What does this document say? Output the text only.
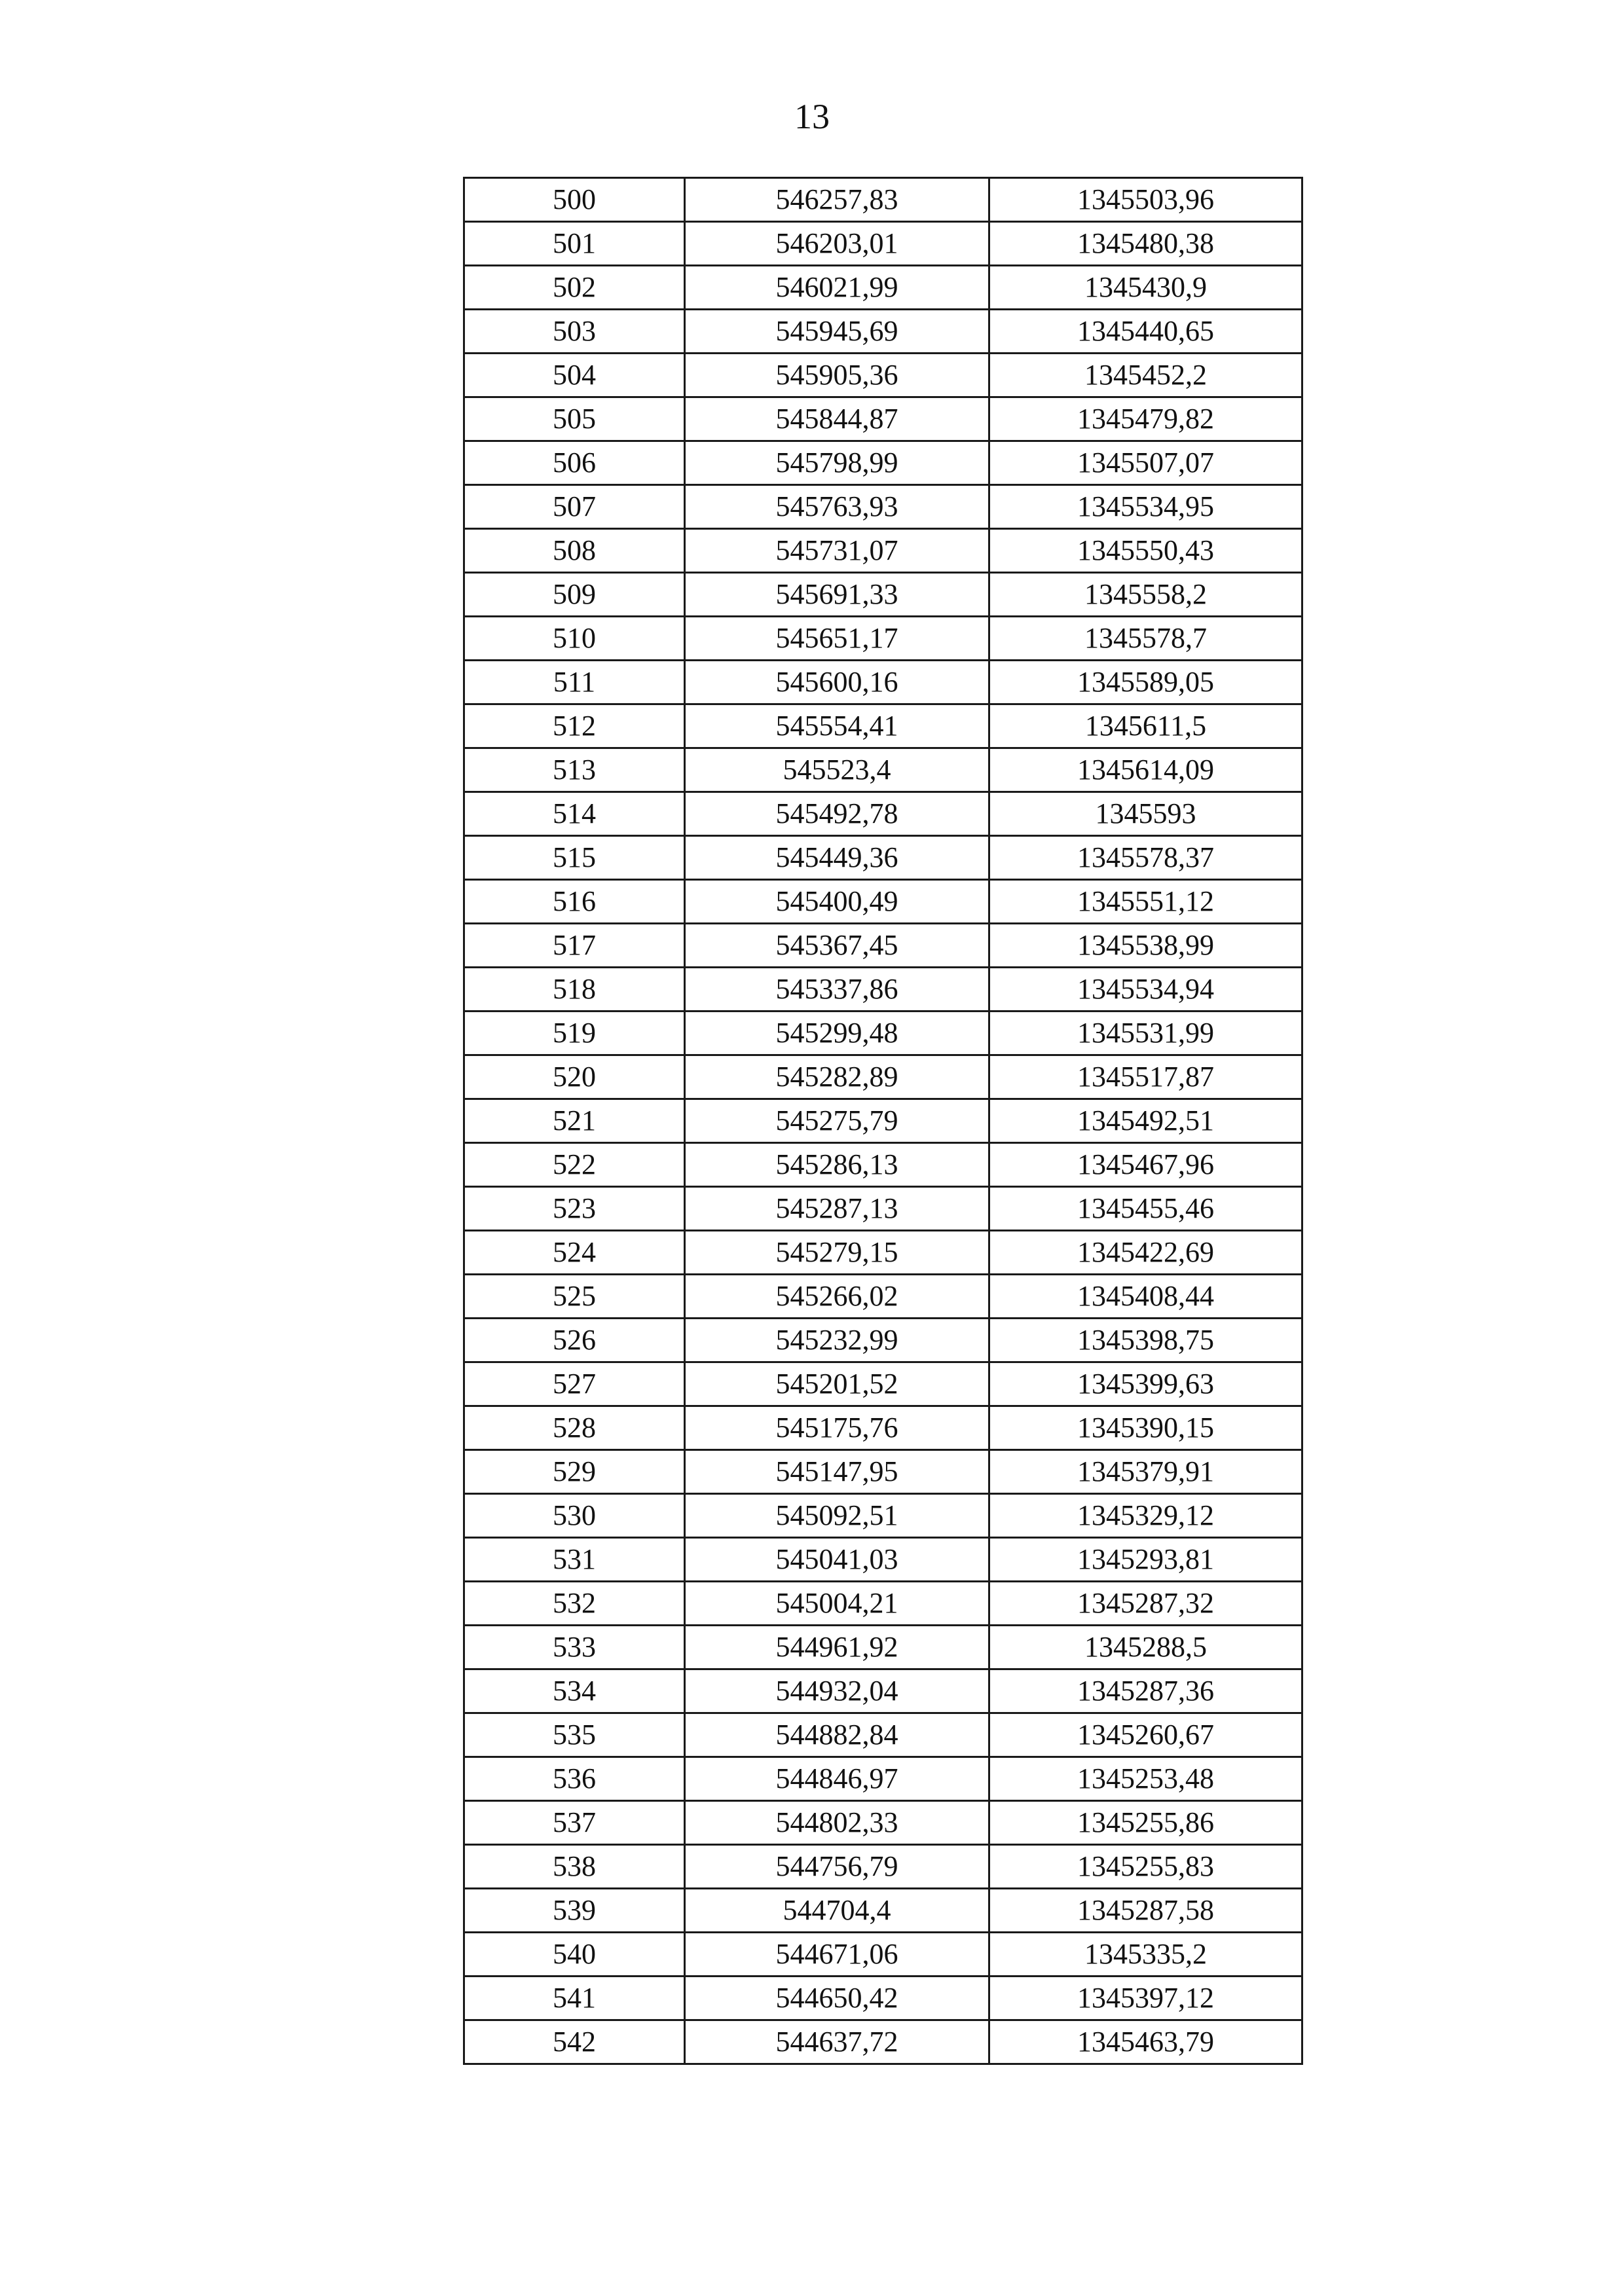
13
500	546257,83	1345503,96
501	546203,01	1345480,38
502	546021,99	1345430,9
503	545945,69	1345440,65
504	545905,36	1345452,2
505	545844,87	1345479,82
506	545798,99	1345507,07
507	545763,93	1345534,95
508	545731,07	1345550,43
509	545691,33	1345558,2
510	545651,17	1345578,7
511	545600,16	1345589,05
512	545554,41	1345611,5
513	545523,4	1345614,09
514	545492,78	1345593
515	545449,36	1345578,37
516	545400,49	1345551,12
517	545367,45	1345538,99
518	545337,86	1345534,94
519	545299,48	1345531,99
520	545282,89	1345517,87
521	545275,79	1345492,51
522	545286,13	1345467,96
523	545287,13	1345455,46
524	545279,15	1345422,69
525	545266,02	1345408,44
526	545232,99	1345398,75
527	545201,52	1345399,63
528	545175,76	1345390,15
529	545147,95	1345379,91
530	545092,51	1345329,12
531	545041,03	1345293,81
532	545004,21	1345287,32
533	544961,92	1345288,5
534	544932,04	1345287,36
535	544882,84	1345260,67
536	544846,97	1345253,48
537	544802,33	1345255,86
538	544756,79	1345255,83
539	544704,4	1345287,58
540	544671,06	1345335,2
541	544650,42	1345397,12
542	544637,72	1345463,79
